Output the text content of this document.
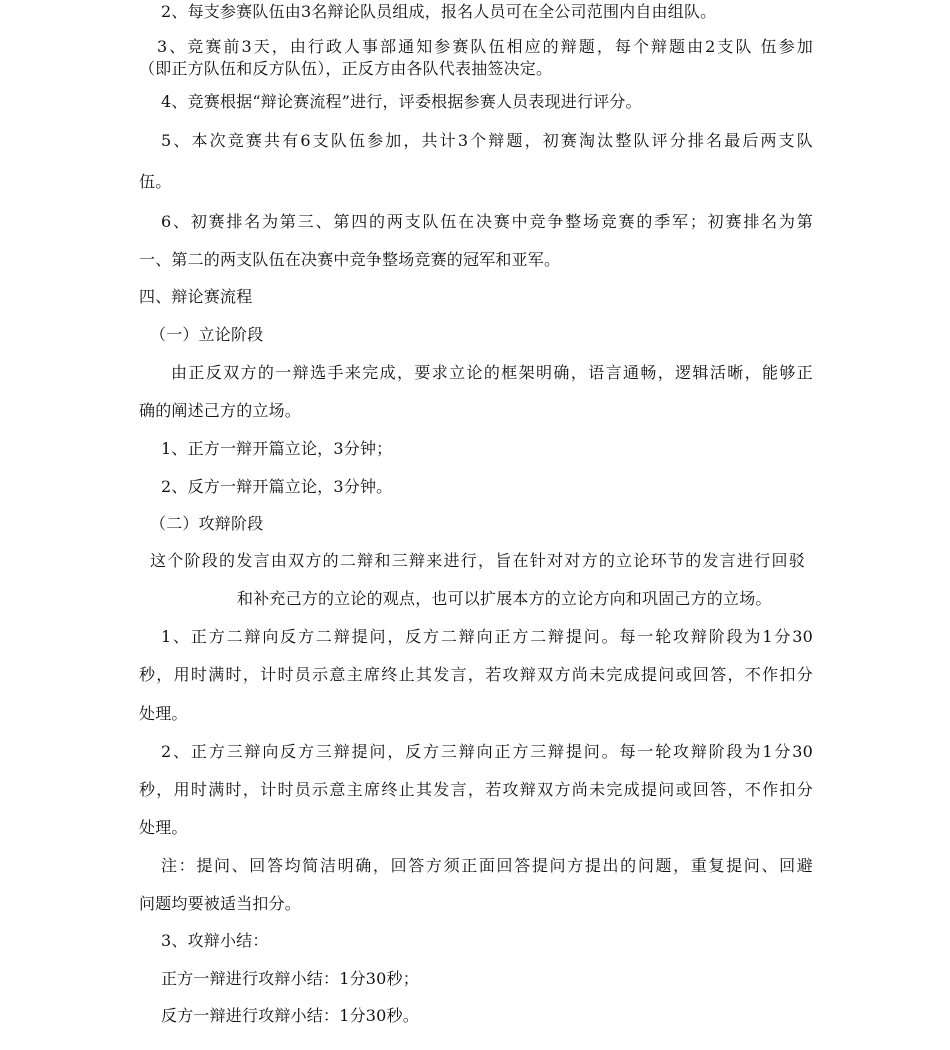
2、每支参赛队伍由3名辩论队员组成，报名人员可在全公司范围内自由组队。
3、竞赛前3天，由行政人事部通知参赛队伍相应的辩题，每个辩题由2支队 伍参加
（即正方队伍和反方队伍），正反方由各队代表抽签决定。
4、竞赛根据“辩论赛流程”进行，评委根据参赛人员表现进行评分。
5、本次竞赛共有6支队伍参加，共计3个辩题，初赛淘汰整队评分排名最后两支队
伍。
6、初赛排名为第三、第四的两支队伍在决赛中竞争整场竞赛的季军；初赛排名为第
一、第二的两支队伍在决赛中竞争整场竞赛的冠军和亚军。
四、辩论赛流程
（一）立论阶段
由正反双方的一辩选手来完成，要求立论的框架明确，语言通畅，逻辑活晰，能够正
确的阐述己方的立场。
1、正方一辩开篇立论，3分钟；
2、反方一辩开篇立论，3分钟。
（二）攻辩阶段
这个阶段的发言由双方的二辩和三辩来进行，旨在针对对方的立论环节的发言进行回驳
和补充己方的立论的观点，也可以扩展本方的立论方向和巩固己方的立场。
1、正方二辩向反方二辩提问，反方二辩向正方二辩提问。每一轮攻辩阶段为1分30
秒，用时满时，计时员示意主席终止其发言，若攻辩双方尚未完成提问或回答，不作扣分
处理。
2、正方三辩向反方三辩提问，反方三辩向正方三辩提问。每一轮攻辩阶段为1分30
秒，用时满时，计时员示意主席终止其发言，若攻辩双方尚未完成提问或回答，不作扣分
处理。
注：提问、回答均简洁明确，回答方须正面回答提问方提出的问题，重复提问、回避
问题均要被适当扣分。
3、攻辩小结：
正方一辩进行攻辩小结：1分30秒；
反方一辩进行攻辩小结：1分30秒。
